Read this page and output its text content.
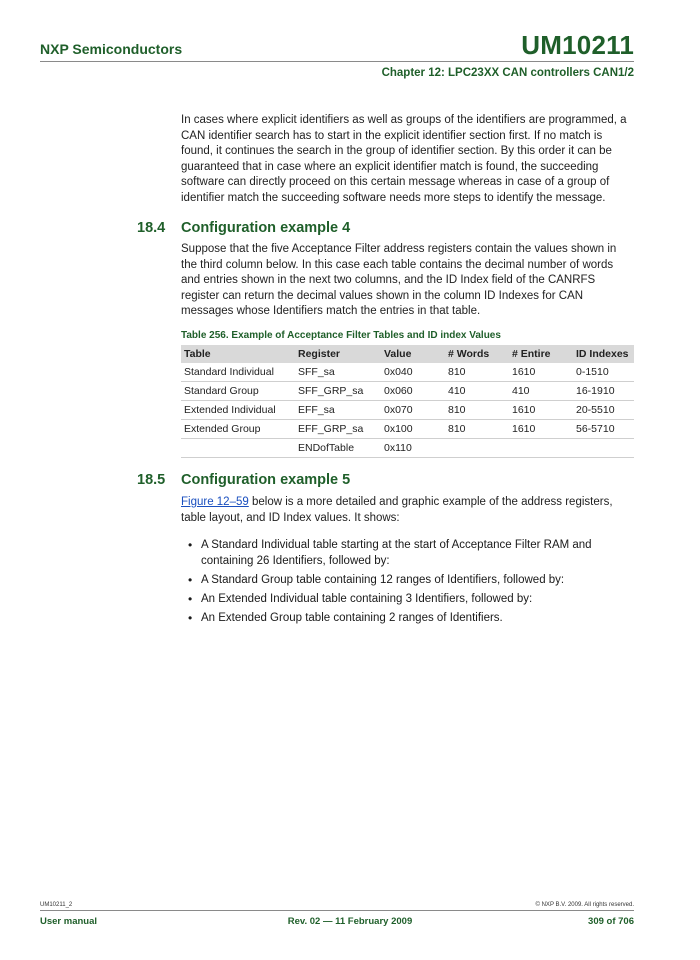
NXP Semiconductors	UM10211
Chapter 12: LPC23XX CAN controllers CAN1/2

In cases where explicit identifiers as well as groups of the identifiers are programmed, a CAN identifier search has to start in the explicit identifier section first. If no match is found, it continues the search in the group of identifier section. By this order it can be guaranteed that in case where an explicit identifier match is found, the succeeding software can directly proceed on this certain message whereas in case of a group of identifier match the succeeding software needs more steps to identify the message.

18.4 Configuration example 4

Suppose that the five Acceptance Filter address registers contain the values shown in the third column below. In this case each table contains the decimal number of words and entries shown in the next two columns, and the ID Index field of the CANRFS register can return the decimal values shown in the column ID Indexes for CAN messages whose Identifiers match the entries in that table.

Table 256. Example of Acceptance Filter Tables and ID index Values

Table	Register	Value	# Words	# Entire	ID Indexes
Standard Individual	SFF_sa	0x040	810	1610	0-1510
Standard Group	SFF_GRP_sa	0x060	410	410	16-1910
Extended Individual	EFF_sa	0x070	810	1610	20-5510
Extended Group	EFF_GRP_sa	0x100	810	1610	56-5710
	ENDofTable	0x110			
18.5 Configuration example 5

Figure 12–59 below is a more detailed and graphic example of the address registers, table layout, and ID Index values. It shows:

• A Standard Individual table starting at the start of Acceptance Filter RAM and containing 26 Identifiers, followed by:
• A Standard Group table containing 12 ranges of Identifiers, followed by:
• An Extended Individual table containing 3 Identifiers, followed by:
• An Extended Group table containing 2 ranges of Identifiers.
UM10211_2	© NXP B.V. 2009. All rights reserved.
User manual	Rev. 02 — 11 February 2009	309 of 706
